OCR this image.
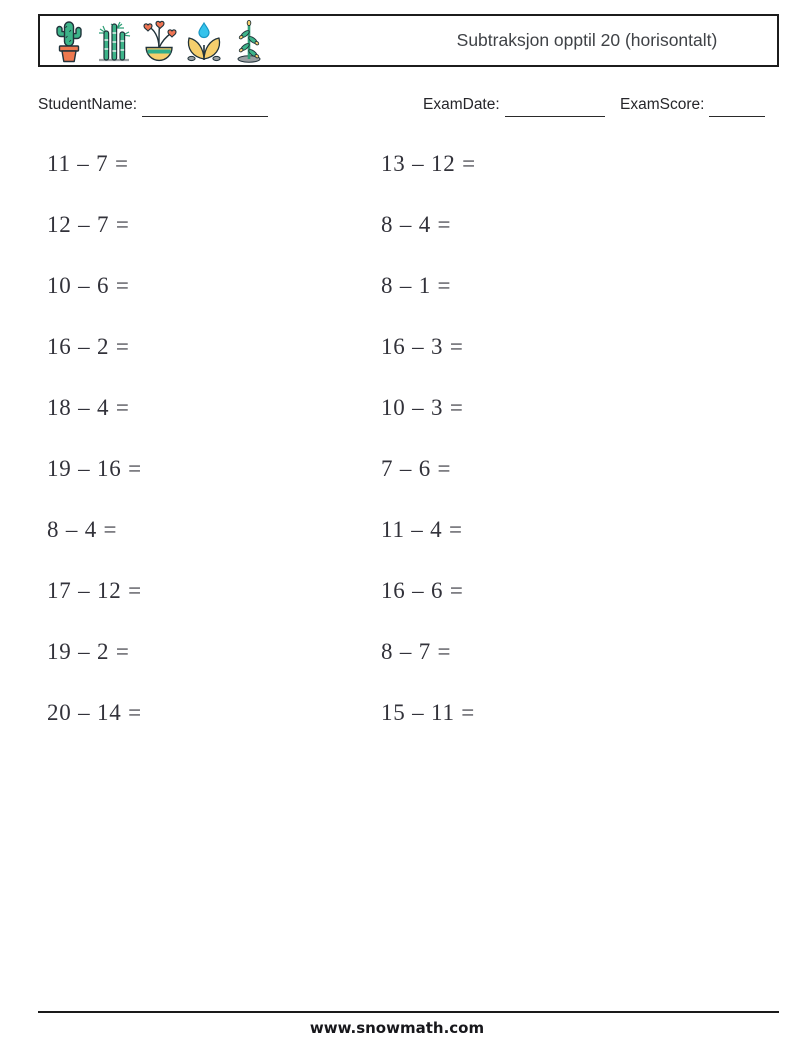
Subtraksjon opptil 20 (horisontalt)
StudentName:	ExamDate:	ExamScore:
11 – 7 =
12 – 7 =
10 – 6 =
16 – 2 =
18 – 4 =
19 – 16 =
8 – 4 =
17 – 12 =
19 – 2 =
20 – 14 =
13 – 12 =
8 – 4 =
8 – 1 =
16 – 3 =
10 – 3 =
7 – 6 =
11 – 4 =
16 – 6 =
8 – 7 =
15 – 11 =
www.snowmath.com
